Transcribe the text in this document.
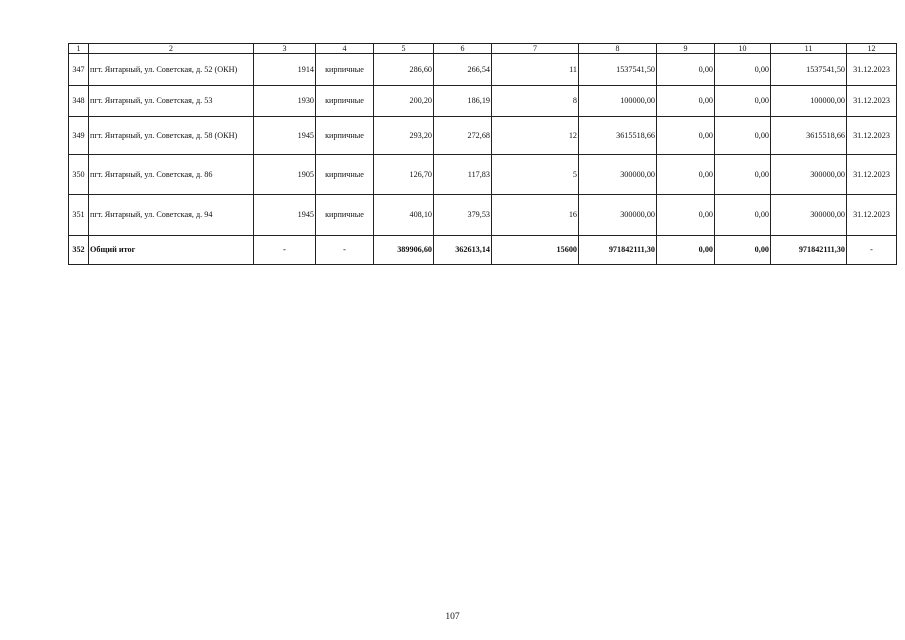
1	2	3	4	5	6	7	8	9	10	11	12
347	пгт. Янтарный, ул. Советская, д. 52 (ОКН)	1914	кирпичные	286,60	266,54	11	1537541,50	0,00	0,00	1537541,50	31.12.2023
348	пгт. Янтарный, ул. Советская, д. 53	1930	кирпичные	200,20	186,19	8	100000,00	0,00	0,00	100000,00	31.12.2023
349	пгт. Янтарный, ул. Советская, д. 58 (ОКН)	1945	кирпичные	293,20	272,68	12	3615518,66	0,00	0,00	3615518,66	31.12.2023
350	пгт. Янтарный, ул. Советская, д. 86	1905	кирпичные	126,70	117,83	5	300000,00	0,00	0,00	300000,00	31.12.2023
351	пгт. Янтарный, ул. Советская, д. 94	1945	кирпичные	408,10	379,53	16	300000,00	0,00	0,00	300000,00	31.12.2023
352	Общий итог	-	-	389906,60	362613,14	15600	971842111,30	0,00	0,00	971842111,30	-
107
